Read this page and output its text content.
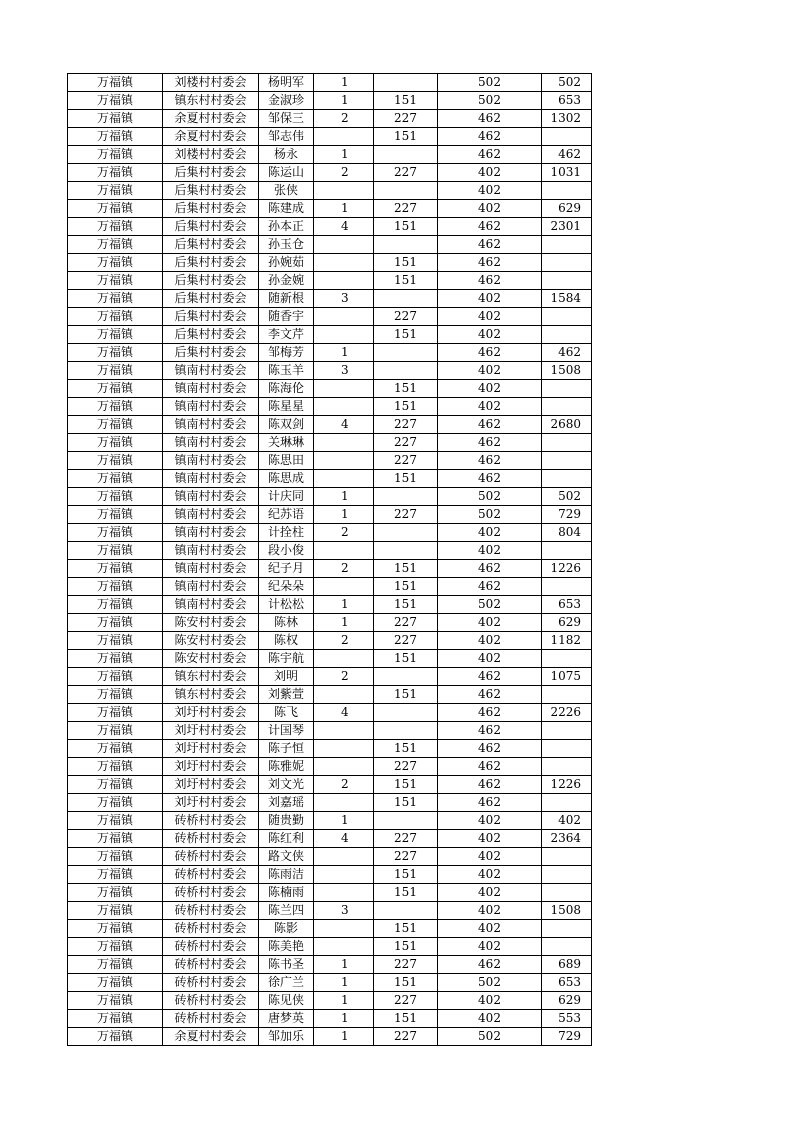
万福镇	刘楼村村委会	杨明军	1		502	502
万福镇	镇东村村委会	金淑珍	1	151	502	653
万福镇	余夏村村委会	邹保三	2	227	462	1302
万福镇	余夏村村委会	邹志伟		151	462	
万福镇	刘楼村村委会	杨永	1		462	462
万福镇	后集村村委会	陈运山	2	227	402	1031
万福镇	后集村村委会	张侠			402	
万福镇	后集村村委会	陈建成	1	227	402	629
万福镇	后集村村委会	孙本正	4	151	462	2301
万福镇	后集村村委会	孙玉仓			462	
万福镇	后集村村委会	孙婉茹		151	462	
万福镇	后集村村委会	孙金婉		151	462	
万福镇	后集村村委会	随新根	3		402	1584
万福镇	后集村村委会	随香宇		227	402	
万福镇	后集村村委会	李文芹		151	402	
万福镇	后集村村委会	邹梅芳	1		462	462
万福镇	镇南村村委会	陈玉羊	3		402	1508
万福镇	镇南村村委会	陈海伦		151	402	
万福镇	镇南村村委会	陈星星		151	402	
万福镇	镇南村村委会	陈双剑	4	227	462	2680
万福镇	镇南村村委会	关琳琳		227	462	
万福镇	镇南村村委会	陈思田		227	462	
万福镇	镇南村村委会	陈思成		151	462	
万福镇	镇南村村委会	计庆同	1		502	502
万福镇	镇南村村委会	纪苏语	1	227	502	729
万福镇	镇南村村委会	计拴柱	2		402	804
万福镇	镇南村村委会	段小俊			402	
万福镇	镇南村村委会	纪子月	2	151	462	1226
万福镇	镇南村村委会	纪朵朵		151	462	
万福镇	镇南村村委会	计松松	1	151	502	653
万福镇	陈安村村委会	陈林	1	227	402	629
万福镇	陈安村村委会	陈权	2	227	402	1182
万福镇	陈安村村委会	陈宇航		151	402	
万福镇	镇东村村委会	刘明	2		462	1075
万福镇	镇东村村委会	刘紫萱		151	462	
万福镇	刘圩村村委会	陈飞	4		462	2226
万福镇	刘圩村村委会	计国琴			462	
万福镇	刘圩村村委会	陈子恒		151	462	
万福镇	刘圩村村委会	陈雅妮		227	462	
万福镇	刘圩村村委会	刘文光	2	151	462	1226
万福镇	刘圩村村委会	刘嘉瑶		151	462	
万福镇	砖桥村村委会	随贵勤	1		402	402
万福镇	砖桥村村委会	陈红利	4	227	402	2364
万福镇	砖桥村村委会	路文侠		227	402	
万福镇	砖桥村村委会	陈雨洁		151	402	
万福镇	砖桥村村委会	陈楠雨		151	402	
万福镇	砖桥村村委会	陈兰四	3		402	1508
万福镇	砖桥村村委会	陈影		151	402	
万福镇	砖桥村村委会	陈美艳		151	402	
万福镇	砖桥村村委会	陈书圣	1	227	462	689
万福镇	砖桥村村委会	徐广兰	1	151	502	653
万福镇	砖桥村村委会	陈见侠	1	227	402	629
万福镇	砖桥村村委会	唐梦英	1	151	402	553
万福镇	余夏村村委会	邹加乐	1	227	502	729
